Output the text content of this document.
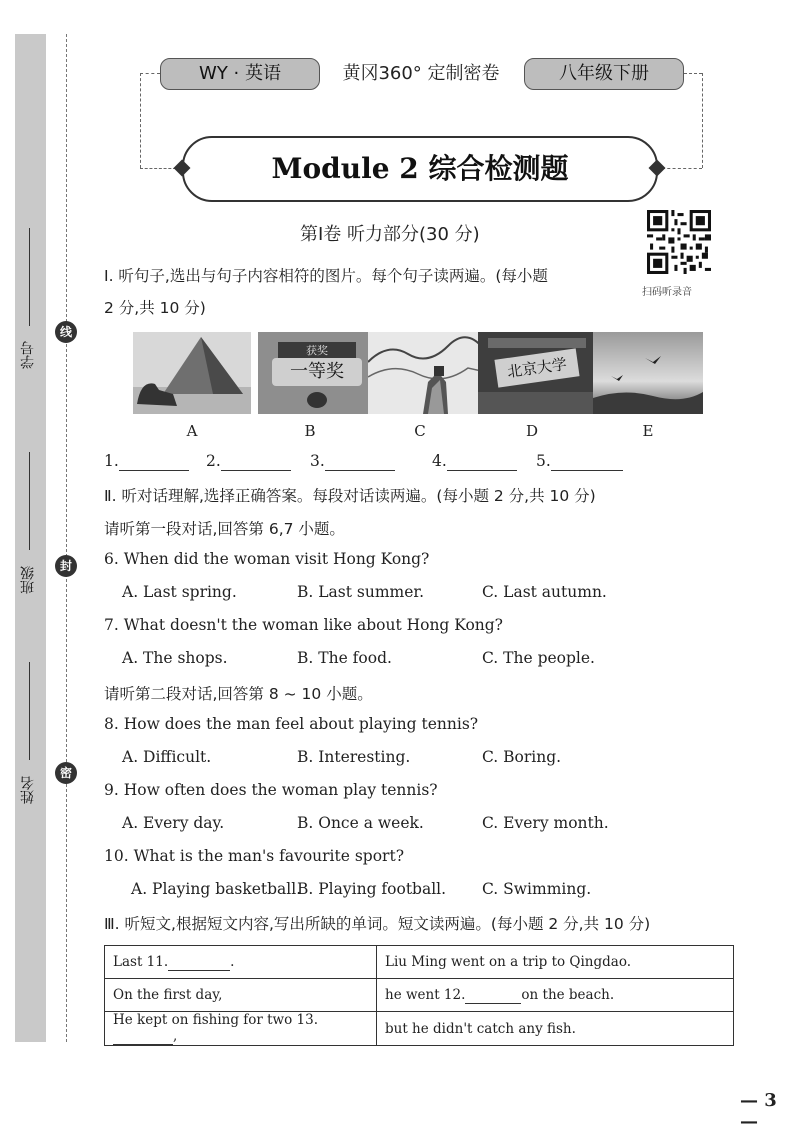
学号
班级
姓名
线
封
密
WY · 英语	黄冈360° 定制密卷	八年级下册
Module 2 综合检测题
第Ⅰ卷 听力部分(30 分)
扫码听录音
Ⅰ. 听句子,选出与句子内容相符的图片。每个句子读两遍。(每小题
2 分,共 10 分)
获奖
一等奖	北京大学
A	B	C	D	E
1.	2.	3.	4.	5.
Ⅱ. 听对话理解,选择正确答案。每段对话读两遍。(每小题 2 分,共 10 分)
请听第一段对话,回答第 6,7 小题。
6. When did the woman visit Hong Kong?
A. Last spring.	B. Last summer.	C. Last autumn.
7. What doesn't the woman like about Hong Kong?
A. The shops.	B. The food.	C. The people.
请听第二段对话,回答第 8 ~ 10 小题。
8. How does the man feel about playing tennis?
A. Difficult.	B. Interesting.	C. Boring.
9. How often does the woman play tennis?
A. Every day.	B. Once a week.	C. Every month.
10. What is the man's favourite sport?
A. Playing basketball.
B. Playing football. C. Swimming.
Ⅲ. 听短文,根据短文内容,写出所缺的单词。短文读两遍。(每小题 2 分,共 10 分)
Last 11. .	Liu Ming went on a trip to Qingdao.
On the first day,	he went 12. on the beach.
He kept on fishing for two 13. ,	but he didn't catch any fish.
— 3 —
